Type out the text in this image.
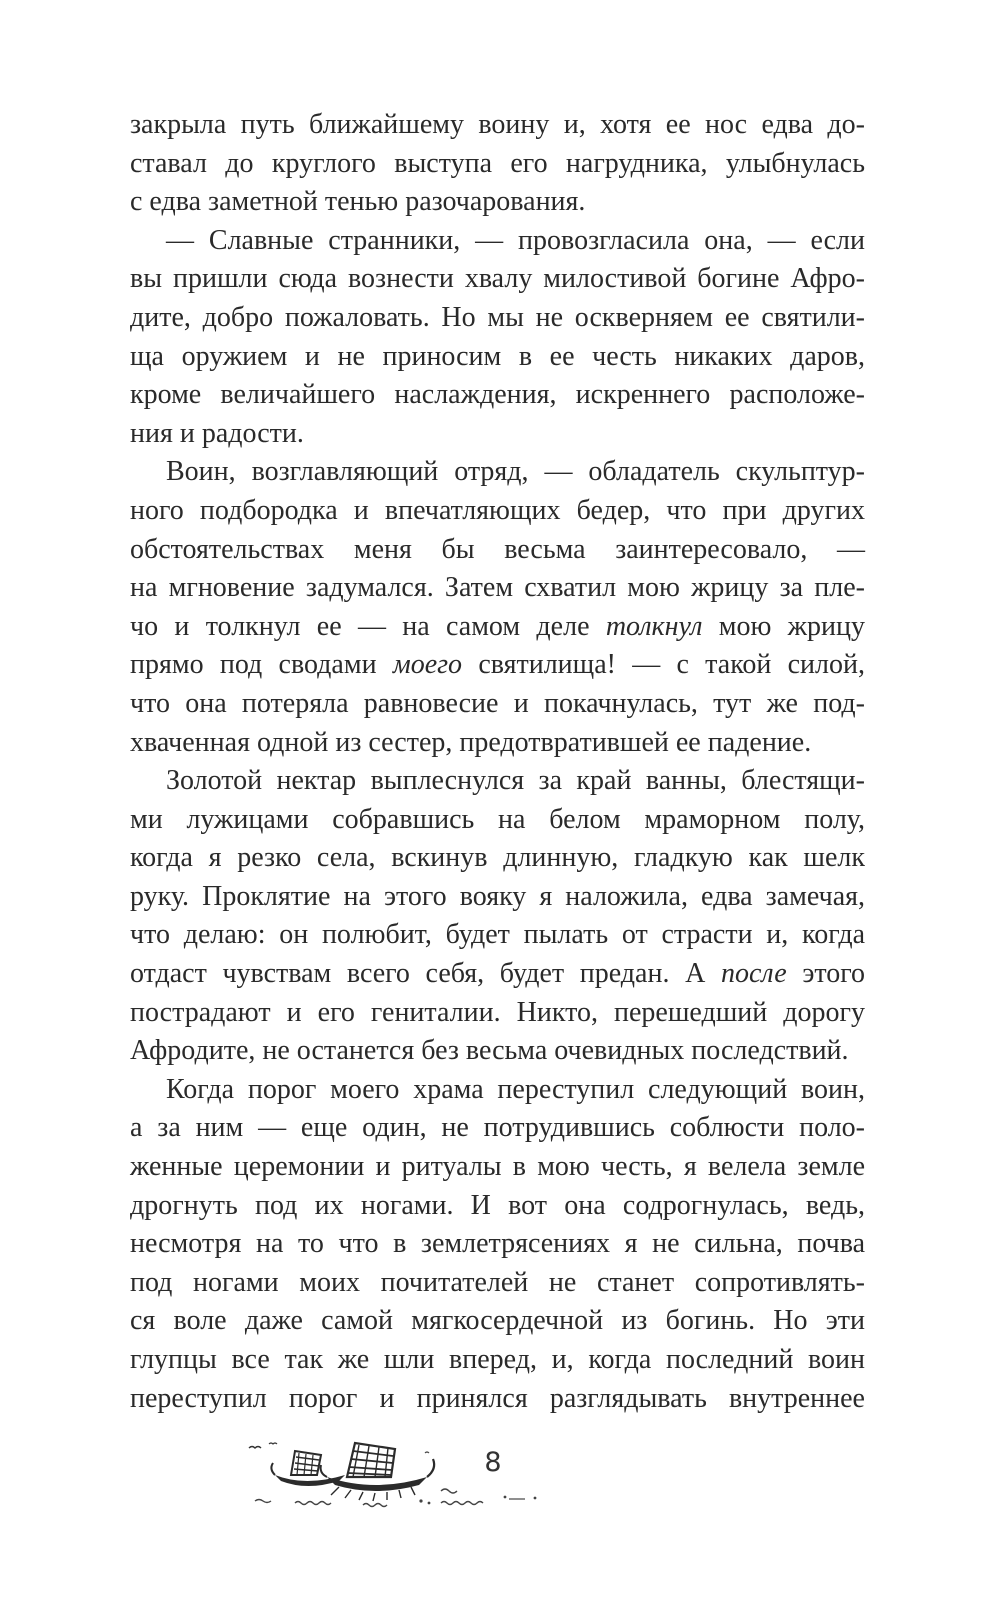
закрыла путь ближайшему воину и, хотя ее нос едва до-
ставал до круглого выступа его нагрудника, улыбнулась
с едва заметной тенью разочарования.
— Славные странники, — провозгласила она, — если
вы пришли сюда вознести хвалу милостивой богине Афро-
дите, добро пожаловать. Но мы не оскверняем ее святили-
ща оружием и не приносим в ее честь никаких даров,
кроме величайшего наслаждения, искреннего расположе-
ния и радости.
Воин, возглавляющий отряд, — обладатель скульптур-
ного подбородка и впечатляющих бедер, что при других
обстоятельствах меня бы весьма заинтересовало, —
на мгновение задумался. Затем схватил мою жрицу за пле-
чо и толкнул ее — на самом деле толкнул мою жрицу
прямо под сводами моего святилища! — с такой силой,
что она потеряла равновесие и покачнулась, тут же под-
хваченная одной из сестер, предотвратившей ее падение.
Золотой нектар выплеснулся за край ванны, блестящи-
ми лужицами собравшись на белом мраморном полу,
когда я резко села, вскинув длинную, гладкую как шелк
руку. Проклятие на этого вояку я наложила, едва замечая,
что делаю: он полюбит, будет пылать от страсти и, когда
отдаст чувствам всего себя, будет предан. А после этого
пострадают и его гениталии. Никто, перешедший дорогу
Афродите, не останется без весьма очевидных последствий.
Когда порог моего храма переступил следующий воин,
а за ним — еще один, не потрудившись соблюсти поло-
женные церемонии и ритуалы в мою честь, я велела земле
дрогнуть под их ногами. И вот она содрогнулась, ведь,
несмотря на то что в землетрясениях я не сильна, почва
под ногами моих почитателей не станет сопротивлять-
ся воле даже самой мягкосердечной из богинь. Но эти
глупцы все так же шли вперед, и, когда последний воин
переступил порог и принялся разглядывать внутреннее
8
